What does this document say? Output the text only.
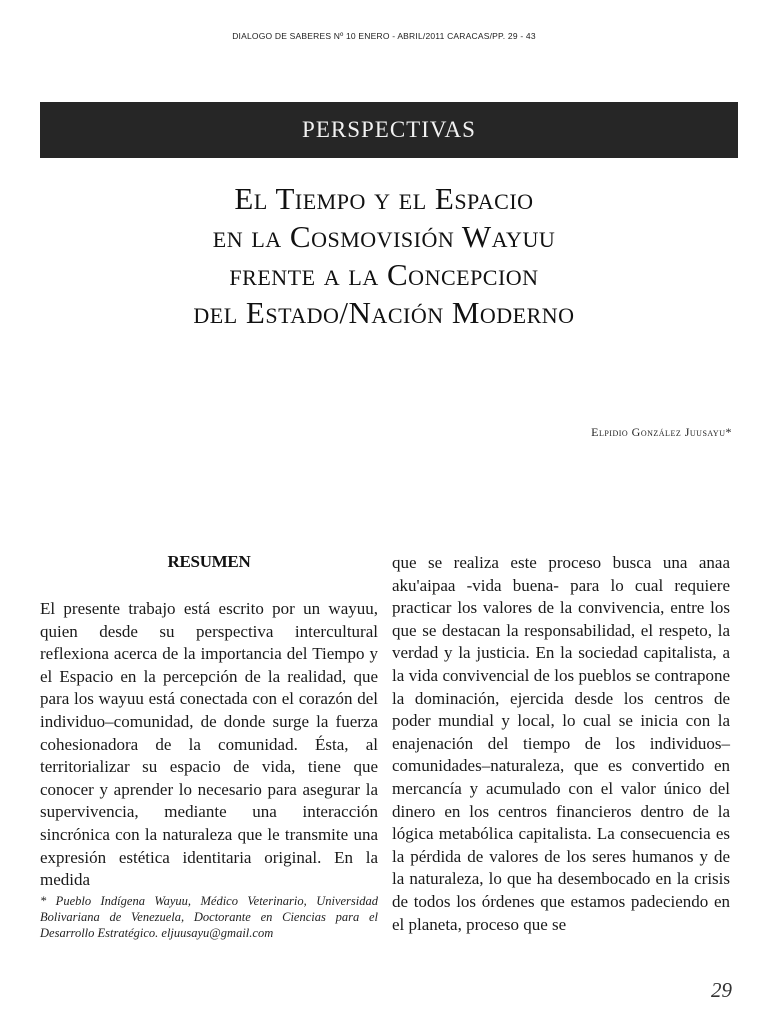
DIALOGO DE SABERES Nº 10 ENERO - ABRIL/2011 CARACAS/PP. 29 - 43
PERSPECTIVAS
El Tiempo y el Espacio
en la Cosmovisión Wayuu
frente a la Concepcion
del Estado/Nación Moderno
Elpidio González Juusayu*
RESUMEN

El presente trabajo está escrito por un wayuu, quien desde su perspectiva intercultural reflexiona acerca de la importancia del Tiempo y el Espacio en la percepción de la realidad, que para los wayuu está conectada con el corazón del individuo–comunidad, de donde surge la fuerza cohesionadora de la comunidad. Ésta, al territorializar su espacio de vida, tiene que conocer y aprender lo necesario para asegurar la supervivencia, mediante una interacción sincrónica con la naturaleza que le transmite una expresión estética identitaria original. En la medida

* Pueblo Indígena Wayuu, Médico Veterinario, Universidad Bolivariana de Venezuela, Doctorante en Ciencias para el Desarrollo Estratégico. eljuusayu@gmail.com

que se realiza este proceso busca una anaa aku'aipaa -vida buena- para lo cual requiere practicar los valores de la convivencia, entre los que se destacan la responsabilidad, el respeto, la verdad y la justicia. En la sociedad capitalista, a la vida convivencial de los pueblos se contrapone la dominación, ejercida desde los centros de poder mundial y local, lo cual se inicia con la enajenación del tiempo de los individuos–comunidades–naturaleza, que es convertido en mercancía y acumulado con el valor único del dinero en los centros financieros dentro de la lógica metabólica capitalista. La consecuencia es la pérdida de valores de los seres humanos y de la naturaleza, lo que ha desembocado en la crisis de todos los órdenes que estamos padeciendo en el planeta, proceso que se

29
